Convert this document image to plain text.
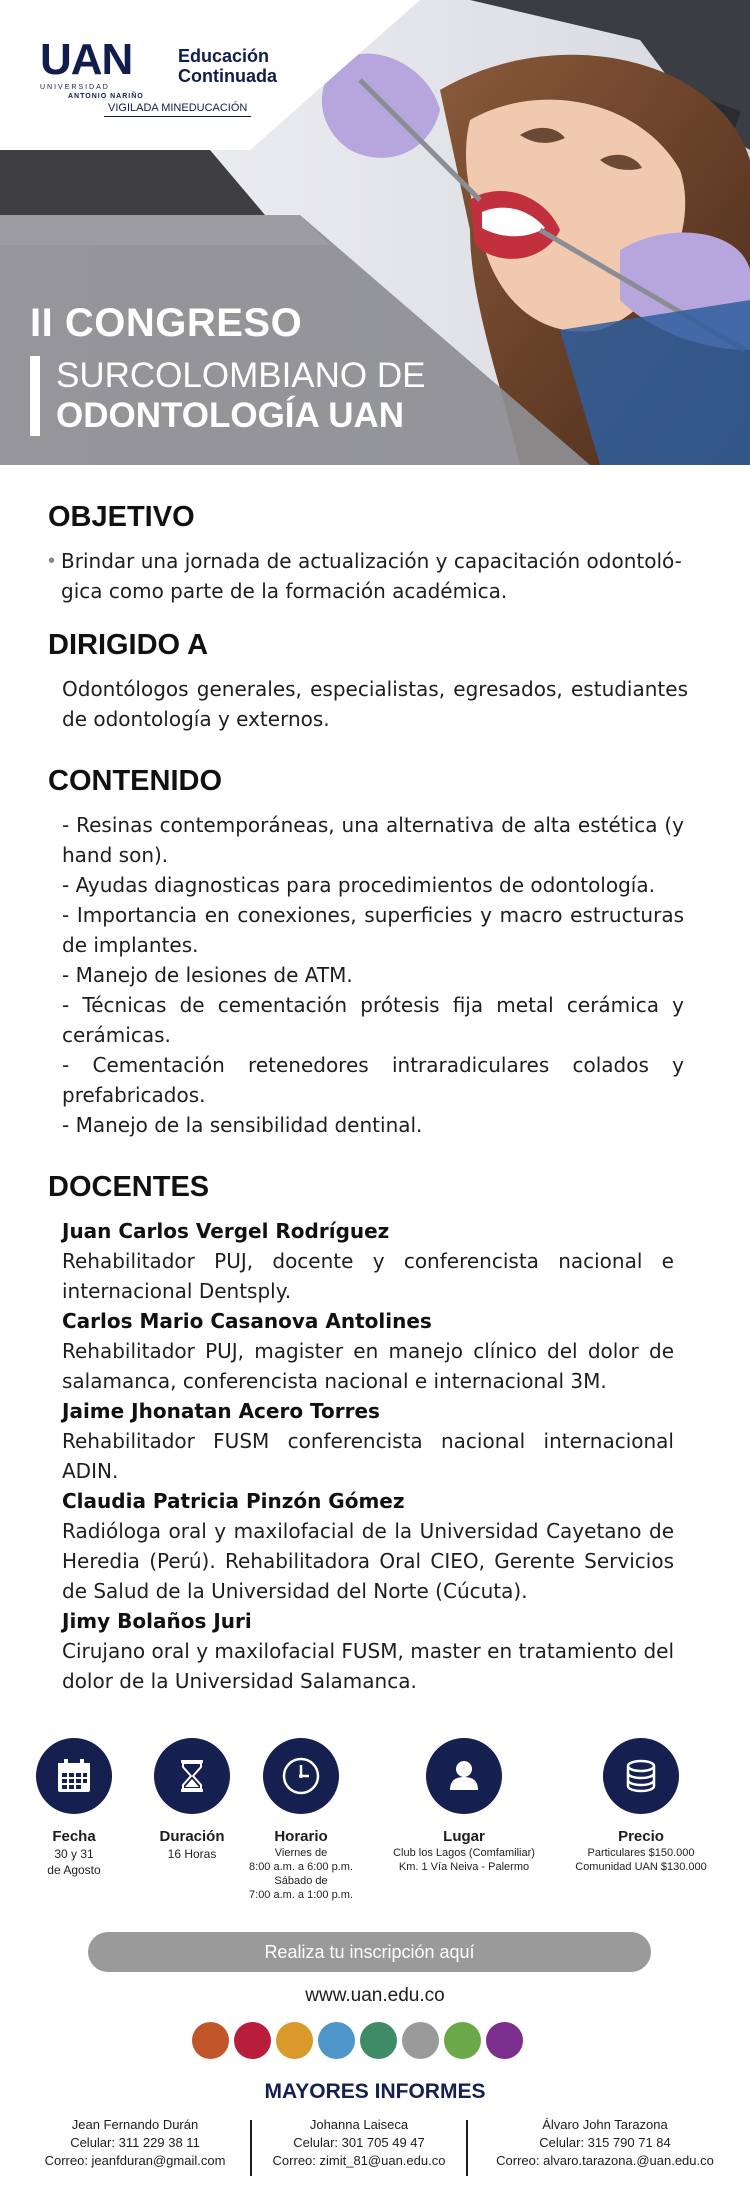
UAN
UNIVERSIDAD
ANTONIO NARIÑO
Educación
Continuada
VIGILADA MINEDUCACIÓN
II CONGRESO
SURCOLOMBIANO DE
ODONTOLOGÍA UAN
OBJETIVO
• Brindar una jornada de actualización y capacitación odontoló- gica como parte de la formación académica.
DIRIGIDO A
Odontólogos generales, especialistas, egresados, estudiantes de odontología y externos.
CONTENIDO
- Resinas contemporáneas, una alternativa de alta estética (y hand son).
- Ayudas diagnosticas para procedimientos de odontología.
- Importancia en conexiones, superficies y macro estructuras de implantes.
- Manejo de lesiones de ATM.
- Técnicas de cementación prótesis fija metal cerámica y cerámicas.
- Cementación retenedores intraradiculares colados y prefabricados.
- Manejo de la sensibilidad dentinal.
DOCENTES
Juan Carlos Vergel Rodríguez
Rehabilitador PUJ, docente y conferencista nacional e internacional Dentsply.
Carlos Mario Casanova Antolines
Rehabilitador PUJ, magister en manejo clínico del dolor de salamanca, conferencista nacional e internacional 3M.
Jaime Jhonatan Acero Torres
Rehabilitador FUSM conferencista nacional internacional ADIN.
Claudia Patricia Pinzón Gómez
Radióloga oral y maxilofacial de la Universidad Cayetano de Heredia (Perú). Rehabilitadora Oral CIEO, Gerente Servicios de Salud de la Universidad del Norte (Cúcuta).
Jimy Bolaños Juri
Cirujano oral y maxilofacial FUSM, master en tratamiento del dolor de la Universidad Salamanca.
Fecha
30 y 31
de Agosto
Duración
16 Horas
Horario
Viernes de
8:00 a.m. a 6:00 p.m.
Sábado de
7:00 a.m. a 1:00 p.m.
Lugar
Club los Lagos (Comfamiliar)
Km. 1 Vía Neiva - Palermo
Precio
Particulares $150.000
Comunidad UAN $130.000
Realiza tu inscripción aquí
www.uan.edu.co
MAYORES INFORMES
Jean Fernando Durán
Celular: 311 229 38 11
Correo: jeanfduran@gmail.com
Johanna Laiseca
Celular: 301 705 49 47
Correo: zimit_81@uan.edu.co
Álvaro John Tarazona
Celular: 315 790 71 84
Correo: alvaro.tarazona.@uan.edu.co
